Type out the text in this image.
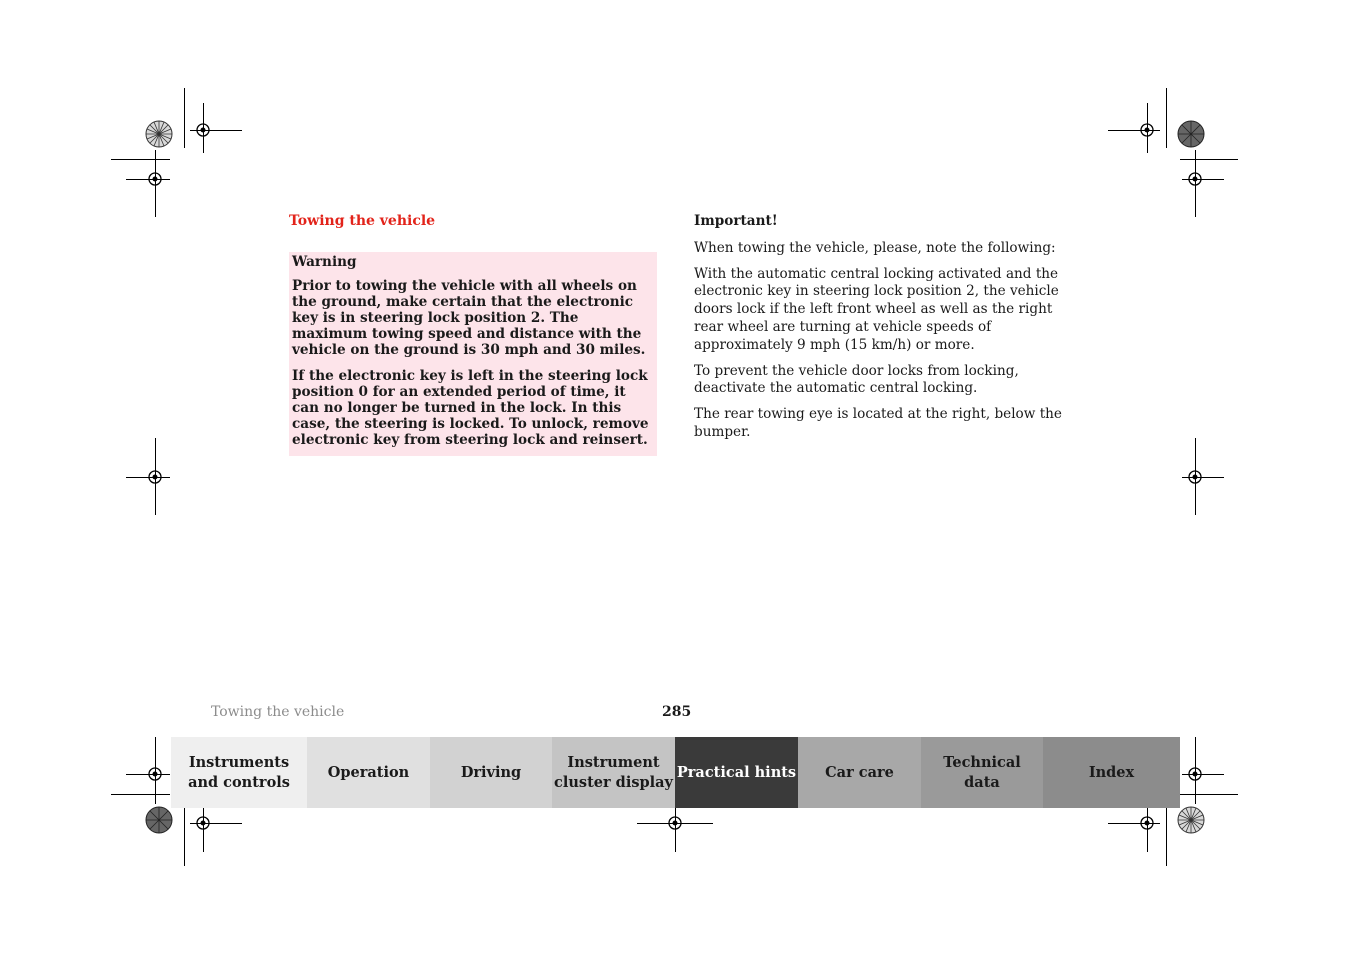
Towing the vehicle
Warning

Prior to towing the vehicle with all wheels on the ground, make certain that the electronic key is in steering lock position 2. The maximum towing speed and distance with the vehicle on the ground is 30 mph and 30 miles.

If the electronic key is left in the steering lock position 0 for an extended period of time, it can no longer be turned in the lock. In this case, the steering is locked. To unlock, remove electronic key from steering lock and reinsert.

Important!

When towing the vehicle, please, note the following:

With the automatic central locking activated and the electronic key in steering lock position 2, the vehicle doors lock if the left front wheel as well as the right rear wheel are turning at vehicle speeds of approximately 9 mph (15 km/h) or more.

To prevent the vehicle door locks from locking, deactivate the automatic central locking.

The rear towing eye is located at the right, below the bumper.

Towing the vehicle	285
Instruments
and controls
Operation	Driving
Instrument
cluster display
Practical hints	Car care
Technical
data
Index
